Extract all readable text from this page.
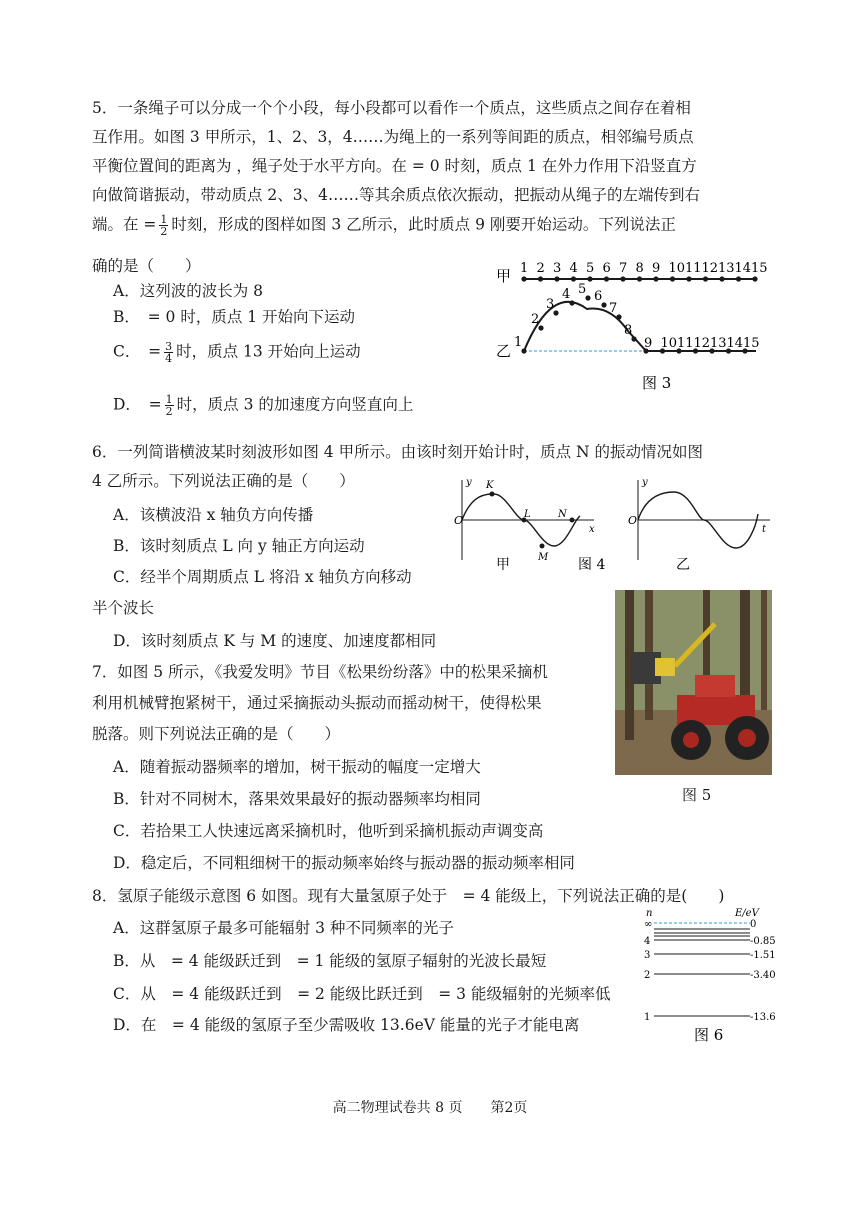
5．一条绳子可以分成一个个小段，每小段都可以看作一个质点，这些质点之间存在着相
互作用。如图 3 甲所示，1、2、3，4……为绳上的一系列等间距的质点，相邻编号质点
平衡位置间的距离为 ，绳子处于水平方向。在 = 0 时刻，质点 1 在外力作用下沿竖直方
向做简谐振动，带动质点 2、3、4……等其余质点依次振动，把振动从绳子的左端传到右
端。在 = $\frac{1}{2}$ 时刻，形成的图样如图 3 乙所示，此时质点 9 刚要开始运动。下列说法正
确的是（　　）
A．这列波的波长为 8
B．　= 0 时，质点 1 开始向下运动
C．　= $\frac{3}{4}$ 时，质点 13 开始向上运动
D．　= $\frac{1}{2}$ 时，质点 3 的加速度方向竖直向上
甲 1 2 3 4 5 6 7 8 9 10 11 12 13 14 15
乙 1
2
3
4 5 6
7
8
9 10 11 12 13 14 15
图 3
6．一列简谐横波某时刻波形如图 4 甲所示。由该时刻开始计时，质点 N 的振动情况如图
4 乙所示。下列说法正确的是（　　）
A．该横波沿 x 轴负方向传播
B．该时刻质点 L 向 y 轴正方向运动
C．经半个周期质点 L 将沿 x 轴负方向移动
半个波长
D．该时刻质点 K 与 M 的速度、加速度都相同
O
y
x
K
L
M
N
甲	图 4
O
y
t
乙
7．如图 5 所示，《我爱发明》节目《松果纷纷落》中的松果采摘机
利用机械臂抱紧树干，通过采摘振动头振动而摇动树干，使得松果
脱落。则下列说法正确的是（　　）
A．随着振动器频率的增加，树干振动的幅度一定增大
B．针对不同树木，落果效果最好的振动器频率均相同
C．若拾果工人快速远离采摘机时，他听到采摘机振动声调变高
D．稳定后，不同粗细树干的振动频率始终与振动器的振动频率相同
图 5
8．氢原子能级示意图 6 如图。现有大量氢原子处于　= 4 能级上，下列说法正确的是(　　)
A．这群氢原子最多可能辐射 3 种不同频率的光子
B．从　= 4 能级跃迁到　= 1 能级的氢原子辐射的光波长最短
C．从　= 4 能级跃迁到　= 2 能级比跃迁到　= 3 能级辐射的光频率低
D．在　= 4 能级的氢原子至少需吸收 13.6eV 能量的光子才能电离
n	E/eV
∞	0
4	-0.85
3	-1.51
2	-3.40
1	-13.6
图 6
高二物理试卷共 8 页　　第2页
